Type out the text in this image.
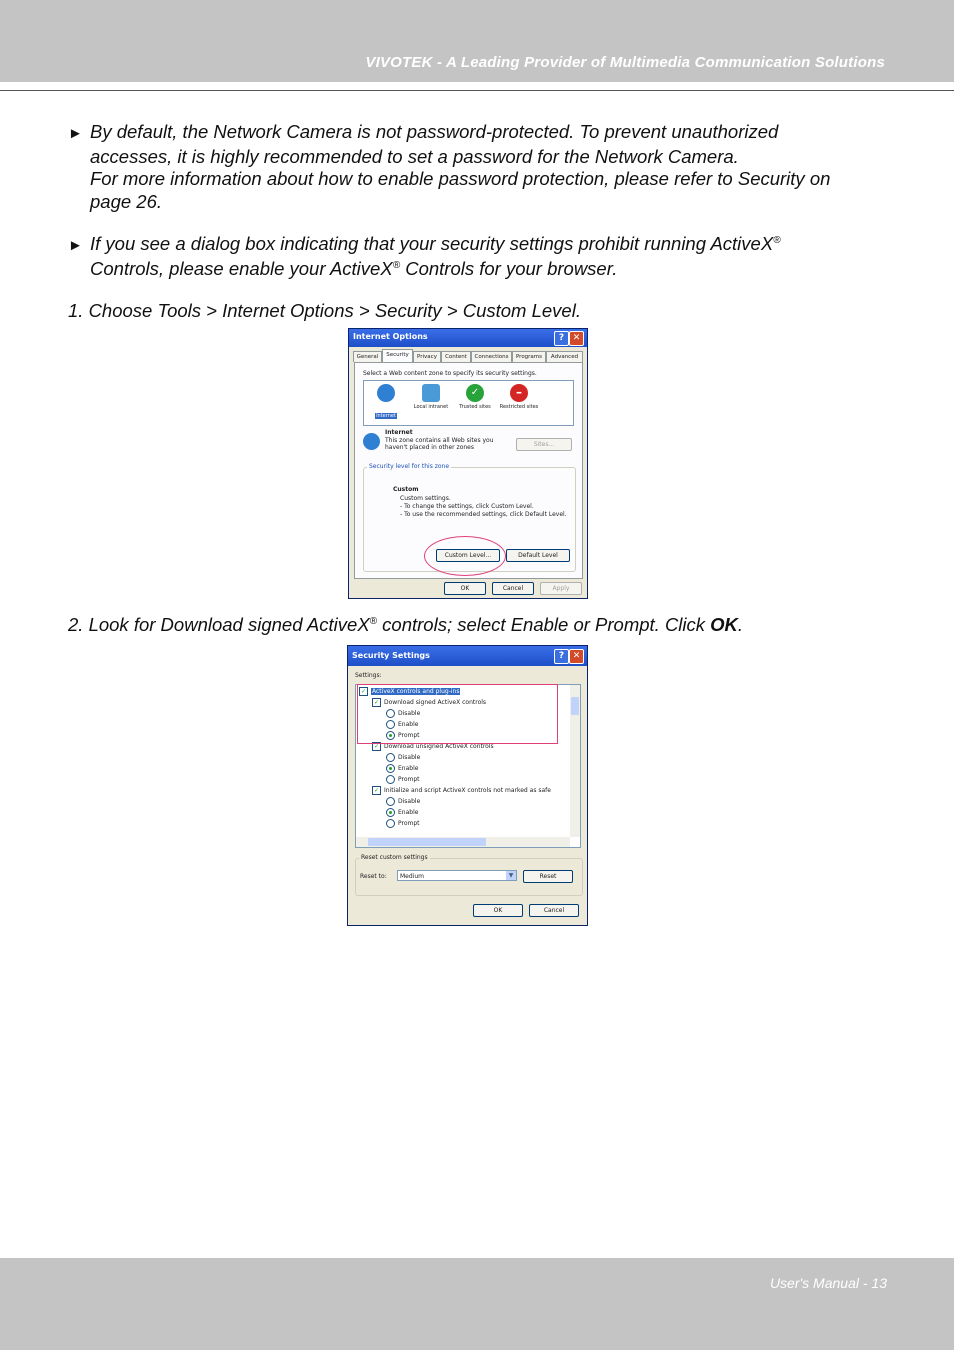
VIVOTEK - A Leading Provider of Multimedia Communication Solutions
► By default, the Network Camera is not password-protected. To prevent unauthorized
accesses, it is highly recommended to set a password for the Network Camera.
For more information about how to enable password protection, please refer to Security on
page 26.
► If you see a dialog box indicating that your security settings prohibit running ActiveX®
Controls, please enable your ActiveX® Controls for your browser.
1. Choose Tools > Internet Options > Security > Custom Level.
Internet Options	? ✕
General	Security	Privacy	Content	Connections	Programs	Advanced
Select a Web content zone to specify its security settings.
Internet
Local intranet
✓
Trusted sites
–
Restricted sites
Internet
This zone contains all Web sites you
haven't placed in other zones	Sites...
Security level for this zone
Custom
Custom settings.
- To change the settings, click Custom Level.
- To use the recommended settings, click Default Level.
Custom Level...	Default Level
OK	Cancel	Apply
2. Look for Download signed ActiveX® controls; select Enable or Prompt. Click OK.
Security Settings	? ✕
Settings:
✓ ActiveX controls and plug-ins
✓ Download signed ActiveX controls
Disable
Enable
Prompt
✓ Download unsigned ActiveX controls
Disable
Enable
Prompt
✓ Initialize and script ActiveX controls not marked as safe
Disable
Enable
Prompt
Reset custom settings
Reset to:	Medium	▼	Reset
OK	Cancel
User's Manual - 13
